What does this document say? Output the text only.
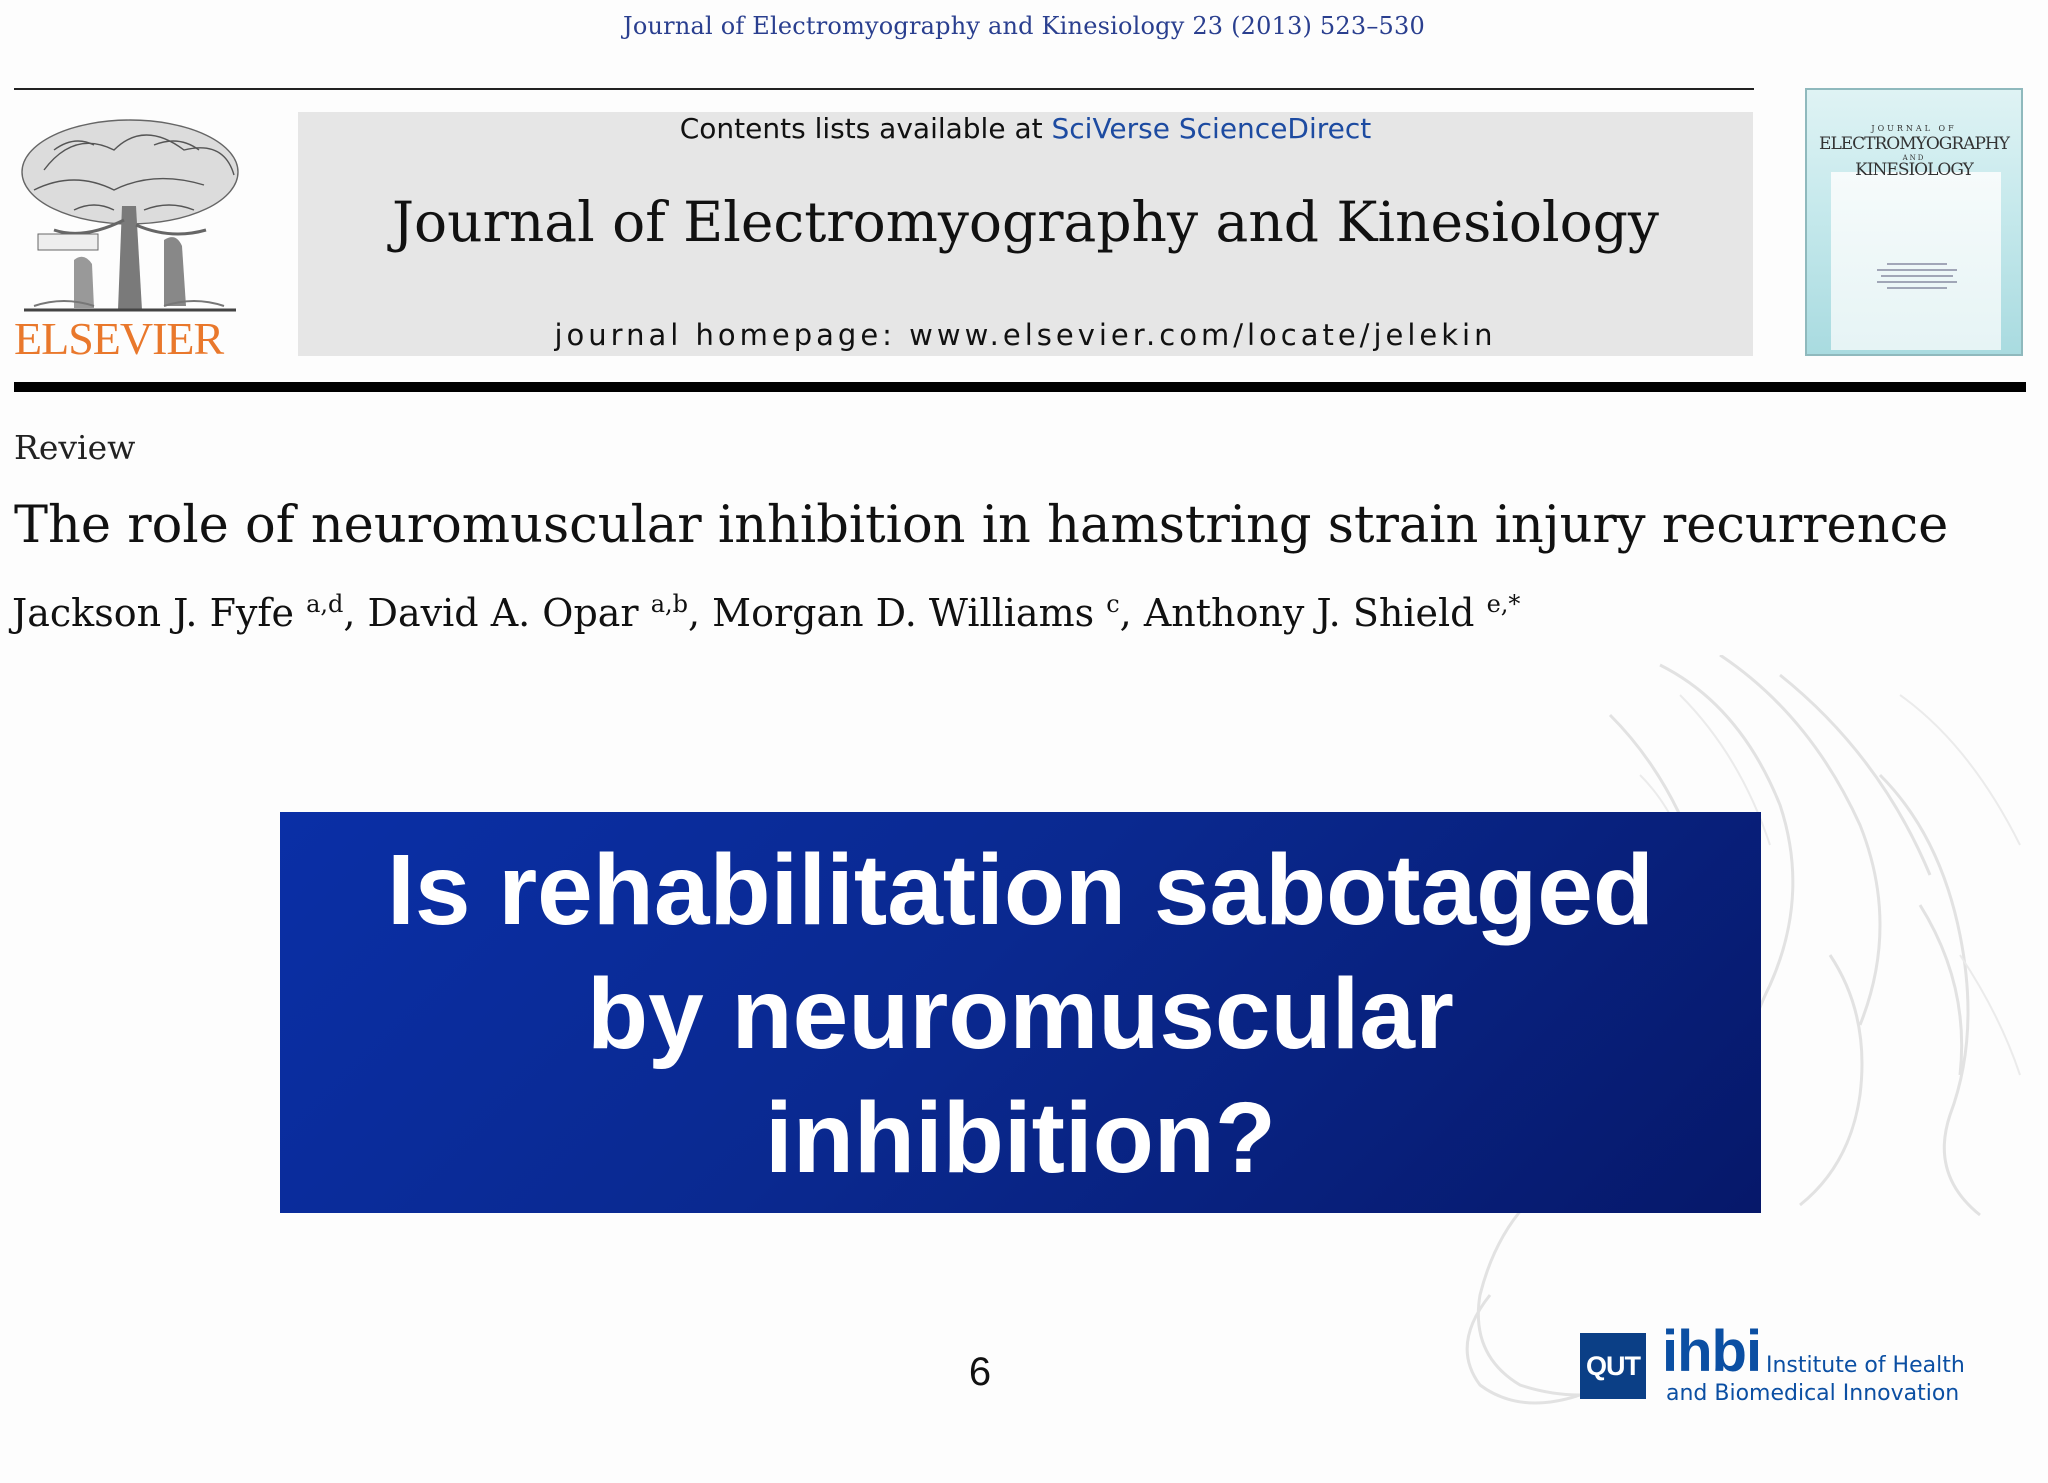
Journal of Electromyography and Kinesiology 23 (2013) 523–530
ELSEVIER
Contents lists available at SciVerse ScienceDirect
Journal of Electromyography and Kinesiology
journal homepage: www.elsevier.com/locate/jelekin
JOURNAL OF
ELECTROMYOGRAPHY
AND
KINESIOLOGY
Review
The role of neuromuscular inhibition in hamstring strain injury recurrence
Jackson J. Fyfe $^{a,d}$, David A. Opar $^{a,b}$, Morgan D. Williams $^c$, Anthony J. Shield $^{e,*}$
Is rehabilitation sabotaged
by neuromuscular
inhibition?
6	QUT ihbi Institute of Health
and Biomedical Innovation
